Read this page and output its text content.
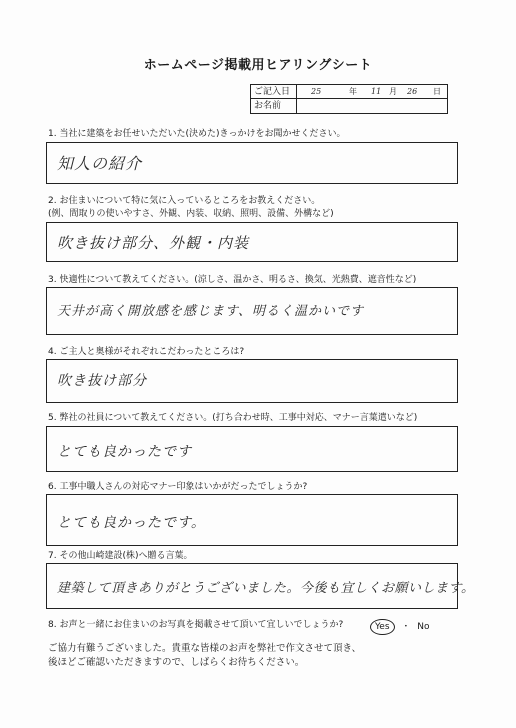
ホームページ掲載用ヒアリングシート
ご記入日	25	年 11 月 26 日
お名前
1. 当社に建築をお任せいただいた(決めた)きっかけをお聞かせください。
知人の紹介
2. お住まいについて特に気に入っているところをお教えください。
(例、間取りの使いやすさ、外観、内装、収納、照明、設備、外構など)
吹き抜け部分、外観・内装
3. 快適性について教えてください。(涼しさ、温かさ、明るさ、換気、光熱費、遮音性など)
天井が高く開放感を感じます、明るく温かいです
4. ご主人と奥様がそれぞれこだわったところは?
吹き抜け部分
5. 弊社の社員について教えてください。(打ち合わせ時、工事中対応、マナー言葉遣いなど)
とても良かったです
6. 工事中職人さんの対応マナー印象はいかがだったでしょうか?
とても良かったです。
7. その他山崎建設(株)へ贈る言葉。
建築して頂きありがとうございました。今後も宜しくお願いします。
8. お声と一緒にお住まいのお写真を掲載させて頂いて宜しいでしょうか?	Yes ・ No
ご協力有難うございました。貴重な皆様のお声を弊社で作文させて頂き、
後ほどご確認いただきますので、しばらくお待ちください。
